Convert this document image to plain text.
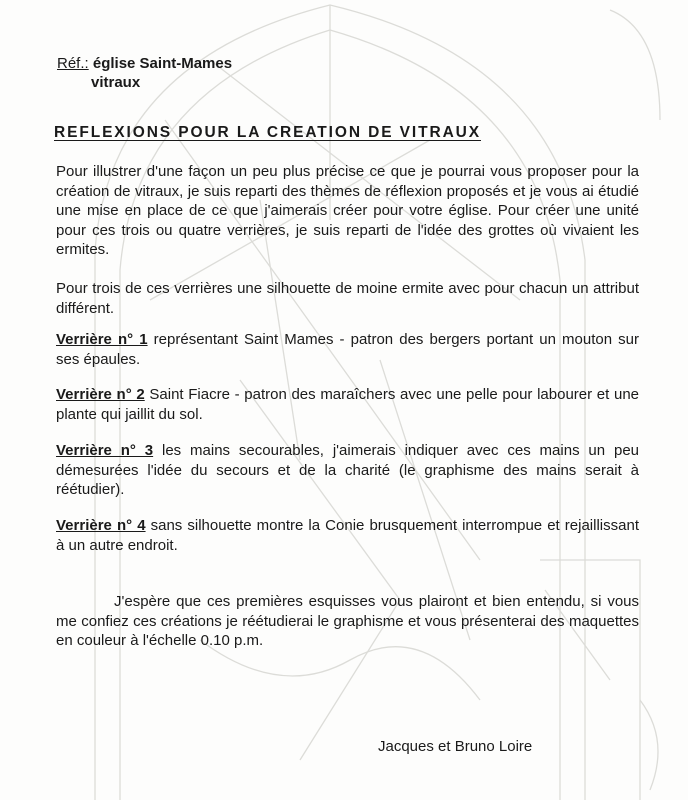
Réf.: église Saint-Mames
vitraux
REFLEXIONS POUR LA CREATION DE VITRAUX
Pour illustrer d'une façon un peu plus précise ce que je pourrai vous proposer pour la création de vitraux, je suis reparti des thèmes de réflexion proposés et je vous ai étudié une mise en place de ce que j'aimerais créer pour votre église. Pour créer une unité pour ces trois ou quatre verrières, je suis reparti de l'idée des grottes où vivaient les ermites.
Pour trois de ces verrières une silhouette de moine ermite avec pour chacun un attribut différent.
Verrière n° 1 représentant Saint Mames - patron des bergers portant un mouton sur ses épaules.
Verrière n° 2 Saint Fiacre - patron des maraîchers avec une pelle pour labourer et une plante qui jaillit du sol.
Verrière n° 3 les mains secourables, j'aimerais indiquer avec ces mains un peu démesurées l'idée du secours et de la charité (le graphisme des mains serait à réétudier).
Verrière n° 4 sans silhouette montre la Conie brusquement interrompue et rejaillissant à un autre endroit.
J'espère que ces premières esquisses vous plairont et bien entendu, si vous me confiez ces créations je réétudierai le graphisme et vous présenterai des maquettes en couleur à l'échelle 0.10 p.m.
Jacques et Bruno Loire
